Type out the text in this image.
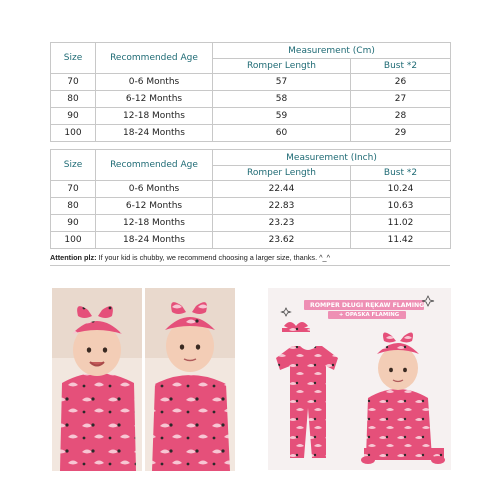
Size	Recommended Age	Measurement (Cm)	
		Romper Length	Bust *2
70	0-6 Months	57	26
80	6-12 Months	58	27
90	12-18 Months	59	28
100	18-24 Months	60	29
Size	Recommended Age	Measurement (Inch)	
		Romper Length	Bust *2
70	0-6 Months	22.44	10.24
80	6-12 Months	22.83	10.63
90	12-18 Months	23.23	11.02
100	18-24 Months	23.62	11.42
Attention plz: If your kid is chubby, we recommend choosing a larger size, thanks. ^_^
ROMPER DŁUGI RĘKAW FLAMING
+ OPASKA FLAMING
